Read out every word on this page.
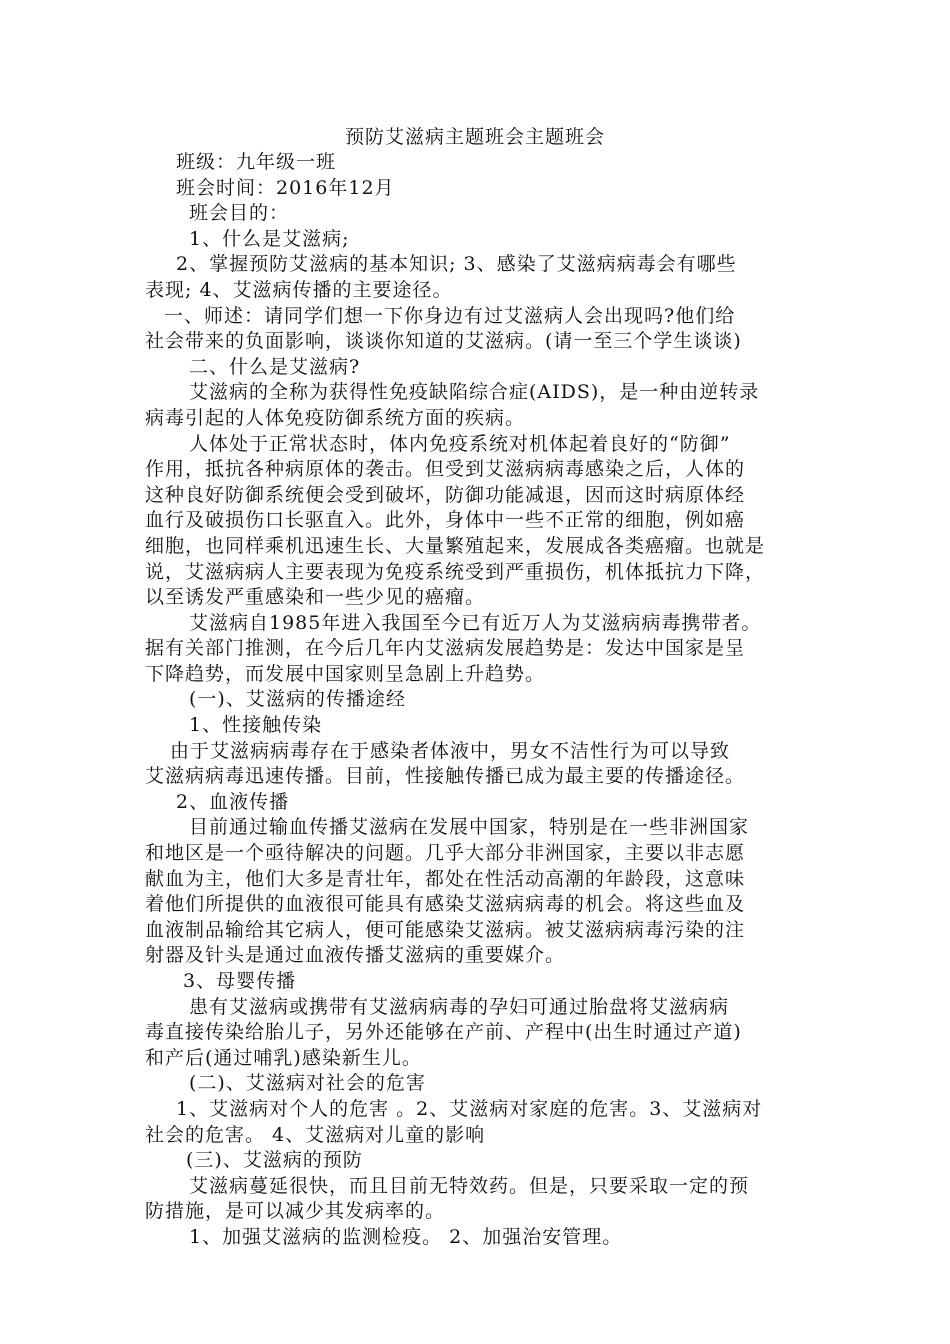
预防艾滋病主题班会主题班会
班级：九年级一班
班会时间：2016年12月
班会目的：
1、什么是艾滋病;
2、掌握预防艾滋病的基本知识; 3、感染了艾滋病病毒会有哪些
表现; 4、艾滋病传播的主要途径。
一、师述：请同学们想一下你身边有过艾滋病人会出现吗?他们给
社会带来的负面影响，谈谈你知道的艾滋病。(请一至三个学生谈谈)
二、什么是艾滋病?
艾滋病的全称为获得性免疫缺陷综合症(AIDS)，是一种由逆转录
病毒引起的人体免疫防御系统方面的疾病。
人体处于正常状态时，体内免疫系统对机体起着良好的“防御”
作用，抵抗各种病原体的袭击。但受到艾滋病病毒感染之后，人体的
这种良好防御系统便会受到破坏，防御功能减退，因而这时病原体经
血行及破损伤口长驱直入。此外，身体中一些不正常的细胞，例如癌
细胞，也同样乘机迅速生长、大量繁殖起来，发展成各类癌瘤。也就是
说，艾滋病病人主要表现为免疫系统受到严重损伤，机体抵抗力下降，
以至诱发严重感染和一些少见的癌瘤。
艾滋病自1985年进入我国至今已有近万人为艾滋病病毒携带者。
据有关部门推测，在今后几年内艾滋病发展趋势是：发达中国家是呈
下降趋势，而发展中国家则呈急剧上升趋势。
(一)、艾滋病的传播途经
1、性接触传染
由于艾滋病病毒存在于感染者体液中，男女不洁性行为可以导致
艾滋病病毒迅速传播。目前，性接触传播已成为最主要的传播途径。
2、血液传播
目前通过输血传播艾滋病在发展中国家，特别是在一些非洲国家
和地区是一个亟待解决的问题。几乎大部分非洲国家，主要以非志愿
献血为主，他们大多是青壮年，都处在性活动高潮的年龄段，这意味
着他们所提供的血液很可能具有感染艾滋病病毒的机会。将这些血及
血液制品输给其它病人，便可能感染艾滋病。被艾滋病病毒污染的注
射器及针头是通过血液传播艾滋病的重要媒介。
3、母婴传播
患有艾滋病或携带有艾滋病病毒的孕妇可通过胎盘将艾滋病病
毒直接传染给胎儿子，另外还能够在产前、产程中(出生时通过产道)
和产后(通过哺乳)感染新生儿。
(二)、艾滋病对社会的危害
1、艾滋病对个人的危害 。2、艾滋病对家庭的危害。3、艾滋病对
社会的危害。 4、艾滋病对儿童的影响
(三)、艾滋病的预防
艾滋病蔓延很快，而且目前无特效药。但是，只要采取一定的预
防措施，是可以减少其发病率的。
1、加强艾滋病的监测检疫。 2、加强治安管理。
